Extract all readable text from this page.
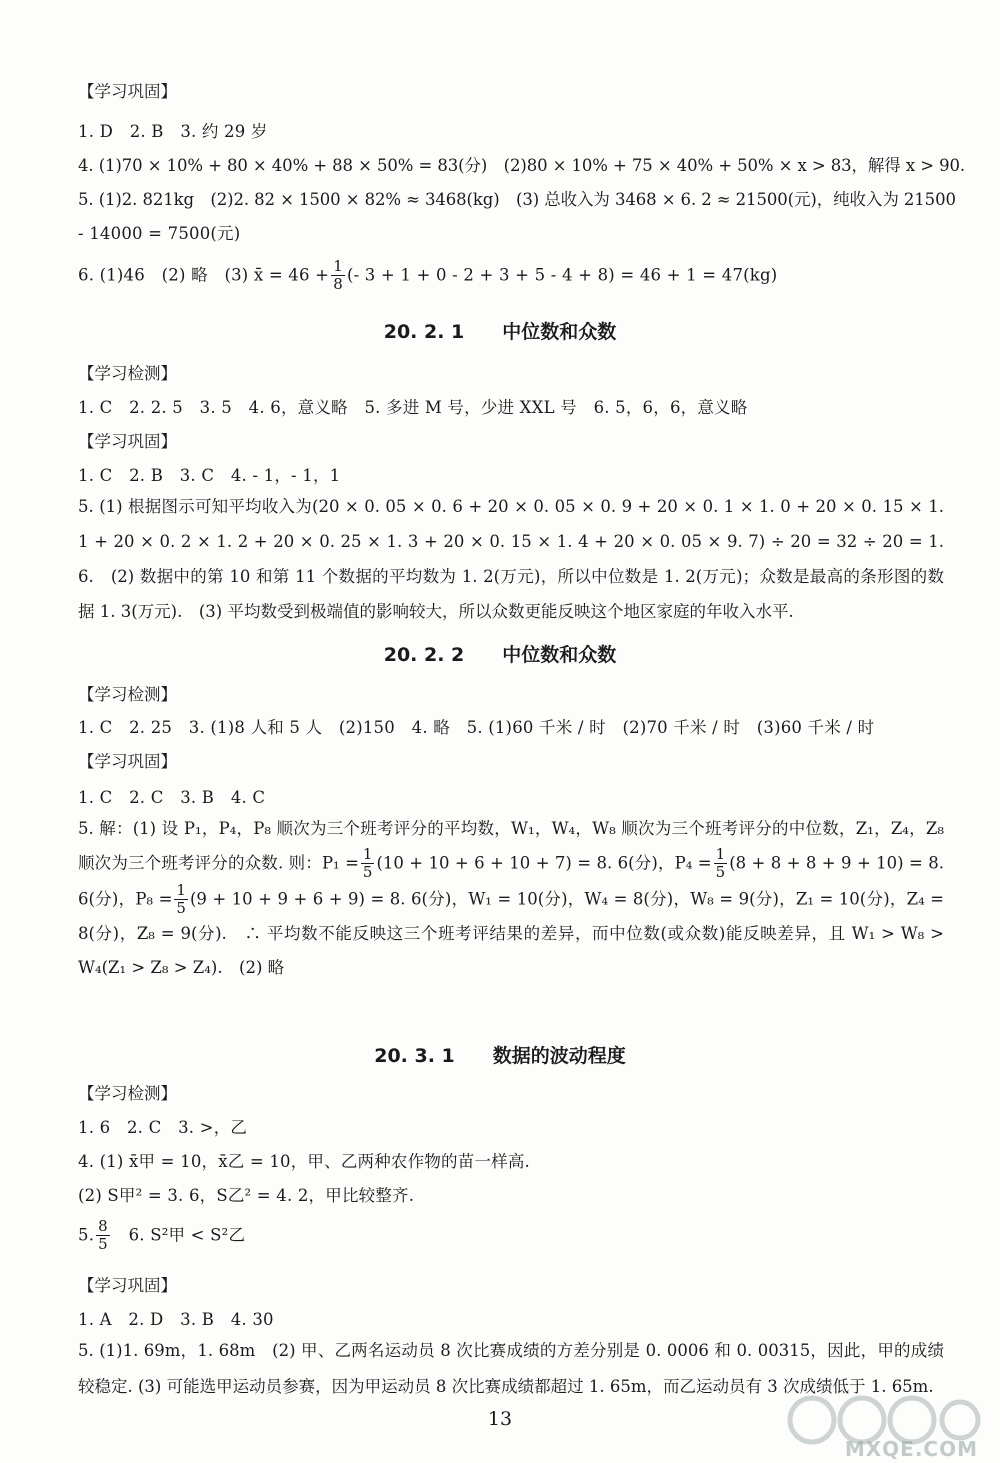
【学习巩固】
1. D　2. B　3. 约 29 岁
4. (1)70 × 10% + 80 × 40% + 88 × 50% = 83(分)　(2)80 × 10% + 75 × 40% + 50% × x > 83，解得 x > 90.
5. (1)2. 821kg　(2)2. 82 × 1500 × 82% ≈ 3468(kg)　(3) 总收入为 3468 × 6. 2 ≈ 21500(元)，纯收入为 21500
- 14000 = 7500(元)
6. (1)46　(2) 略　(3) x̄ = $46 + \frac{1}{8}$ (- 3 + 1 + 0 - 2 + 3 + 5 - 4 + 8) = 46 + 1 = 47(kg)
20. 2. 1　　中位数和众数
【学习检测】
1. C　2. 2. 5　3. 5　4. 6，意义略　5. 多进 M 号，少进 XXL 号　6. 5，6，6，意义略
【学习巩固】
1. C　2. B　3. C　4. - 1，- 1，1
5. (1) 根据图示可知平均收入为(20 × 0. 05 × 0. 6 + 20 × 0. 05 × 0. 9 + 20 × 0. 1 × 1. 0 + 20 × 0. 15 × 1. 1 + 20 × 0. 2 × 1. 2 + 20 × 0. 25 × 1. 3 + 20 × 0. 15 × 1. 4 + 20 × 0. 05 × 9. 7) ÷ 20 = 32 ÷ 20 = 1. 6.　(2) 数据中的第 10 和第 11 个数据的平均数为 1. 2(万元)，所以中位数是 1. 2(万元)；众数是最高的条形图的数据 1. 3(万元).　(3) 平均数受到极端值的影响较大，所以众数更能反映这个地区家庭的年收入水平.
20. 2. 2　　中位数和众数
【学习检测】
1. C　2. 25　3. (1)8 人和 5 人　(2)150　4. 略　5. (1)60 千米 / 时　(2)70 千米 / 时　(3)60 千米 / 时
【学习巩固】
1. C　2. C　3. B　4. C
5. 解：(1) 设 P₁，P₄，P₈ 顺次为三个班考评分的平均数，W₁，W₄，W₈ 顺次为三个班考评分的中位数，Z₁，Z₄，Z₈ 顺次为三个班考评分的众数. 则：$P_1 = \frac{1}{5} (10 + 10 + 6 + 10 + 7) = 8$. 6(分)，$P_4 = \frac{1}{5} (8 + 8 + 8 + 9 + 10) = 8$. 6(分)，$P_8 = \frac{1}{5} (9 + 10 + 9 + 6 + 9) = 8$. 6(分)，W₁ = 10(分)，W₄ = 8(分)，W₈ = 9(分)，Z₁ = 10(分)，Z₄ = 8(分)，Z₈ = 9(分).　∴ 平均数不能反映这三个班考评结果的差异，而中位数(或众数)能反映差异，且 W₁ > W₈ > W₄(Z₁ > Z₈ > Z₄).　(2) 略
20. 3. 1　　数据的波动程度
【学习检测】
1. 6　2. C　3. >，乙
4. (1) x̄甲 = 10，x̄乙 = 10，甲、乙两种农作物的苗一样高.
(2) S甲² = 3. 6，S乙² = 4. 2，甲比较整齐.
5. $\frac{8}{5}$ 　6. S²甲 < S²乙
【学习巩固】
1. A　2. D　3. B　4. 30
5. (1)1. 69m，1. 68m　(2) 甲、乙两名运动员 8 次比赛成绩的方差分别是 0. 0006 和 0. 00315，因此，甲的成绩较稳定. (3) 可能选甲运动员参赛，因为甲运动员 8 次比赛成绩都超过 1. 65m，而乙运动员有 3 次成绩低于 1. 65m.
13
MXQE.COM
